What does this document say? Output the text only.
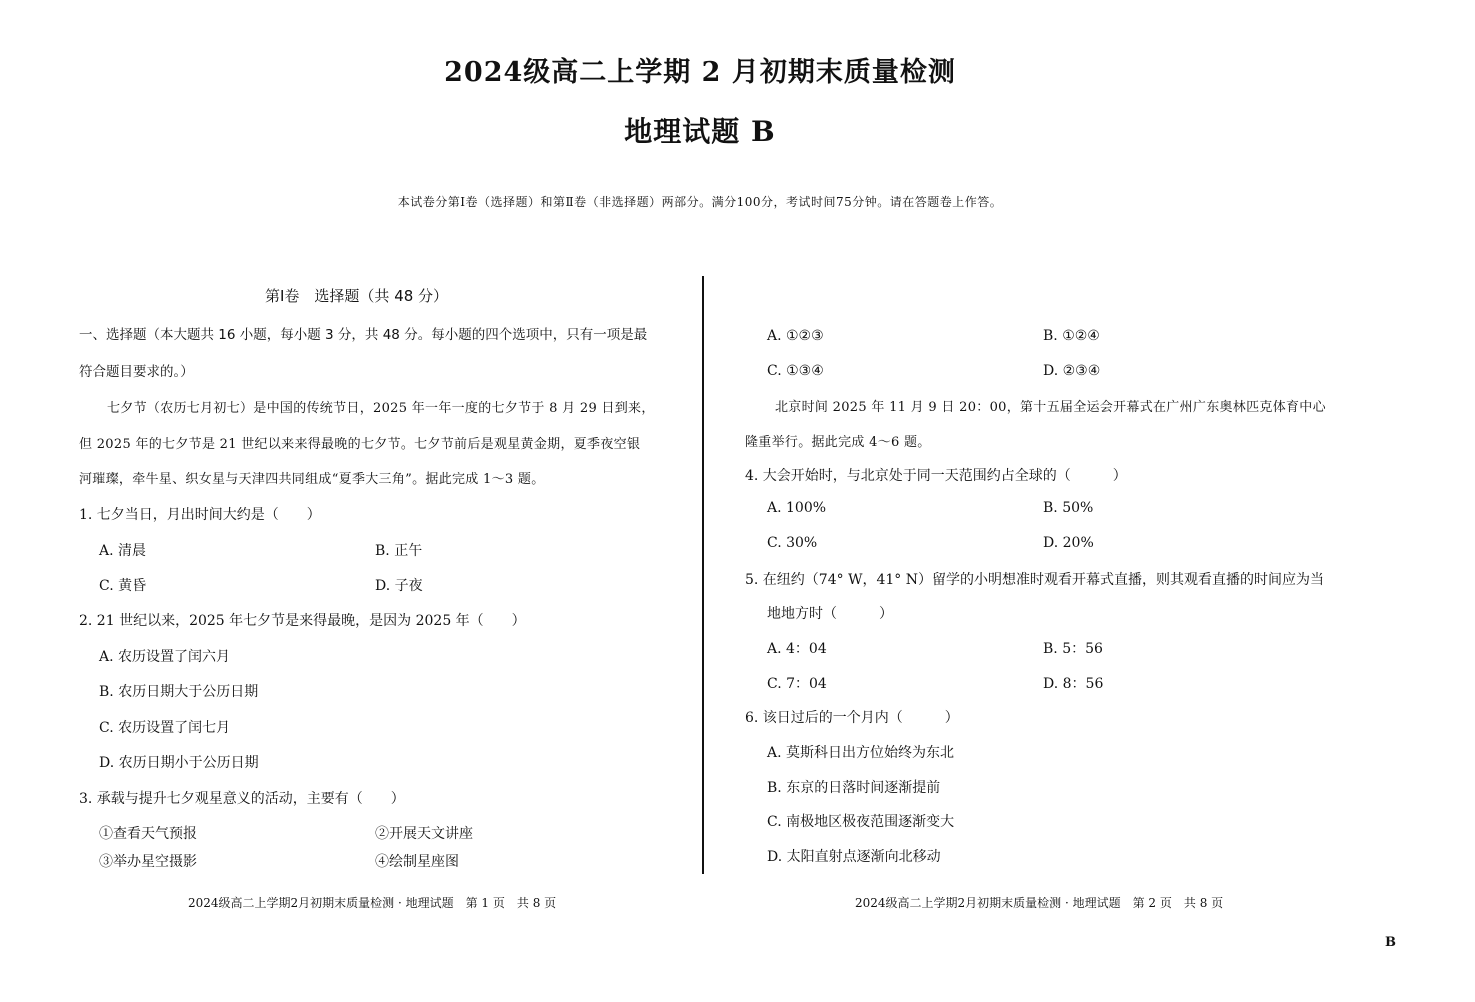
2024级高二上学期 2 月初期末质量检测
地理试题 B
本试卷分第Ⅰ卷（选择题）和第Ⅱ卷（非选择题）两部分。满分100分，考试时间75分钟。请在答题卷上作答。
第Ⅰ卷　选择题（共 48 分）
一、选择题（本大题共 16 小题，每小题 3 分，共 48 分。每小题的四个选项中，只有一项是最
符合题目要求的。）
七夕节（农历七月初七）是中国的传统节日，2025 年一年一度的七夕节于 8 月 29 日到来，
但 2025 年的七夕节是 21 世纪以来来得最晚的七夕节。七夕节前后是观星黄金期，夏季夜空银
河璀璨，牵牛星、织女星与天津四共同组成“夏季大三角”。据此完成 1～3 题。
1. 七夕当日，月出时间大约是（　　）
A. 清晨	B. 正午
C. 黄昏	D. 子夜
2. 21 世纪以来，2025 年七夕节是来得最晚，是因为 2025 年（　　）
A. 农历设置了闰六月
B. 农历日期大于公历日期
C. 农历设置了闰七月
D. 农历日期小于公历日期
3. 承载与提升七夕观星意义的活动，主要有（　　）
①查看天气预报	②开展天文讲座
③举办星空摄影	④绘制星座图
2024级高二上学期2月初期末质量检测 · 地理试题　第 1 页　共 8 页
A. ①②③	B. ①②④
C. ①③④	D. ②③④
北京时间 2025 年 11 月 9 日 20：00，第十五届全运会开幕式在广州广东奥林匹克体育中心
隆重举行。据此完成 4～6 题。
4. 大会开始时，与北京处于同一天范围约占全球的（　　　）
A. 100%	B. 50%
C. 30%	D. 20%
5. 在纽约（74° W，41° N）留学的小明想准时观看开幕式直播，则其观看直播的时间应为当
地地方时（　　　）
A. 4：04	B. 5：56
C. 7：04	D. 8：56
6. 该日过后的一个月内（　　　）
A. 莫斯科日出方位始终为东北
B. 东京的日落时间逐渐提前
C. 南极地区极夜范围逐渐变大
D. 太阳直射点逐渐向北移动
2024级高二上学期2月初期末质量检测 · 地理试题　第 2 页　共 8 页
B
